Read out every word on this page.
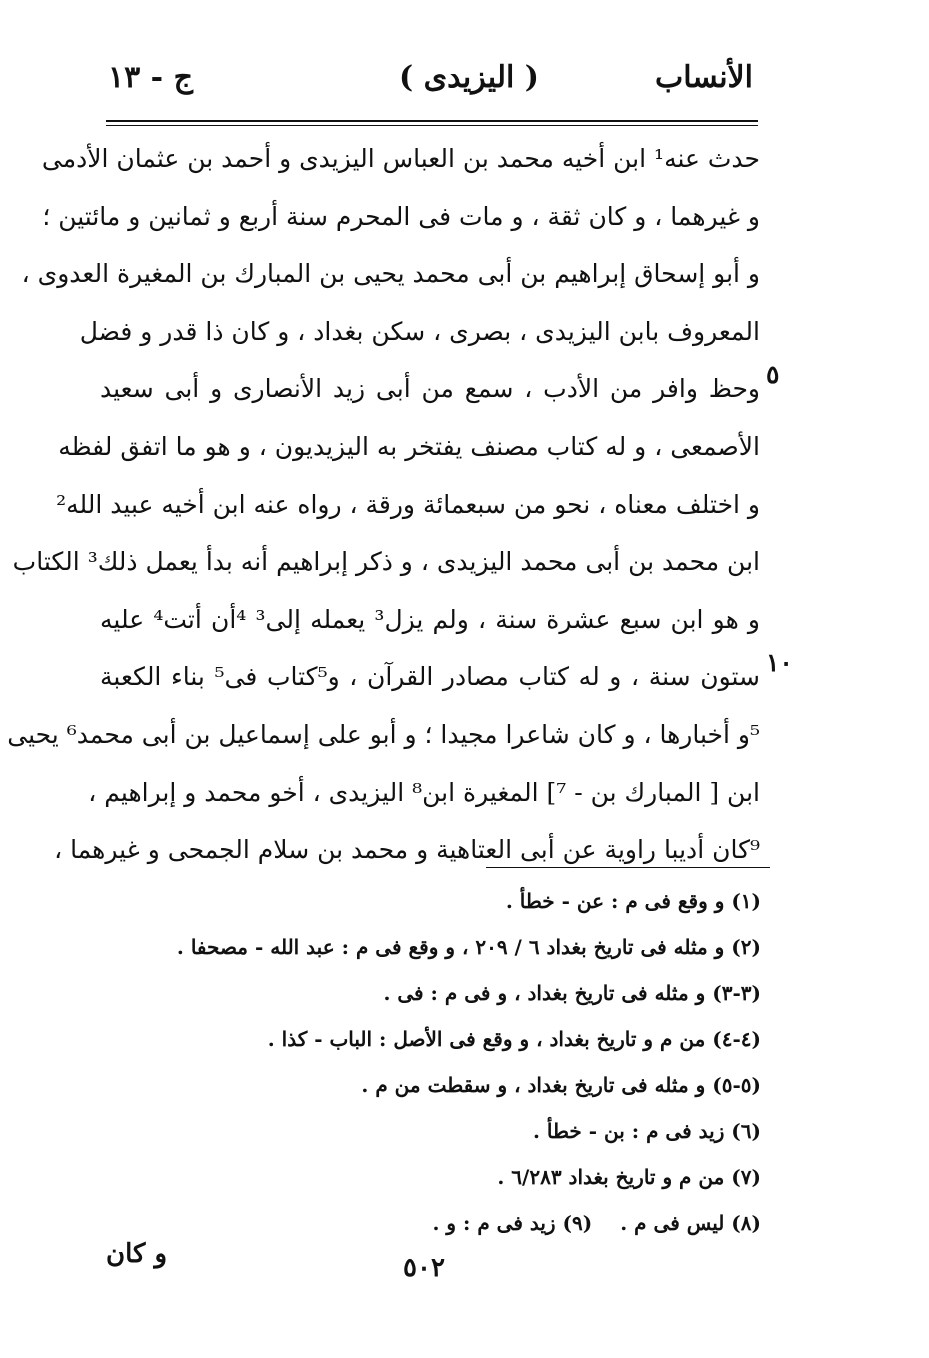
الأنساب
( اليزيدى )
ج - ١٣
حدث عنه¹ ابن أخيه محمد بن العباس اليزيدى و أحمد بن عثمان الأدمى
و غيرهما ، و كان ثقة ، و مات فى المحرم سنة أربع و ثمانين و مائتين ؛
و أبو إسحاق إبراهيم بن أبى محمد يحيى بن المبارك بن المغيرة العدوى ،
المعروف بابن اليزيدى ، بصرى ، سكن بغداد ، و كان ذا قدر و فضل
وحظ وافر من الأدب ، سمع من أبى زيد الأنصارى و أبى سعيد
الأصمعى ، و له كتاب مصنف يفتخر به اليزيديون ، و هو ما اتفق لفظه
و اختلف معناه ، نحو من سبعمائة ورقة ، رواه عنه ابن أخيه عبيد الله²
ابن محمد بن أبى محمد اليزيدى ، و ذكر إبراهيم أنه بدأ يعمل ذلك³ الكتاب
و هو ابن سبع عشرة سنة ، ولم يزل³ يعمله إلى³ ⁴أن أتت⁴ عليه
ستون سنة ، و له كتاب مصادر القرآن ، و⁵كتاب فى⁵ بناء الكعبة
⁵و أخبارها ، و كان شاعرا مجيدا ؛ و أبو على إسماعيل بن أبى محمد⁶ يحيى
ابن [ المبارك بن - ⁷] المغيرة ابن⁸ اليزيدى ، أخو محمد و إبراهيم ،
⁹كان أديبا راوية عن أبى العتاهية و محمد بن سلام الجمحى و غيرهما ،
٥
١٠
(١) و وقع فى م : عن - خطأ .
(٢) و مثله فى تاريخ بغداد ٦ / ٢٠٩ ، و وقع فى م : عبد الله - مصحفا .
(٣-٣) و مثله فى تاريخ بغداد ، و فى م : فى .
(٤-٤) من م و تاريخ بغداد ، و وقع فى الأصل : الباب - كذا .
(٥-٥) و مثله فى تاريخ بغداد ، و سقطت من م .
(٦) زيد فى م : بن - خطأ .
(٧) من م و تاريخ بغداد ٦/٢٨٣ .
(٨) ليس فى م .
(٩) زيد فى م : و .
و كان	٥٠٢
